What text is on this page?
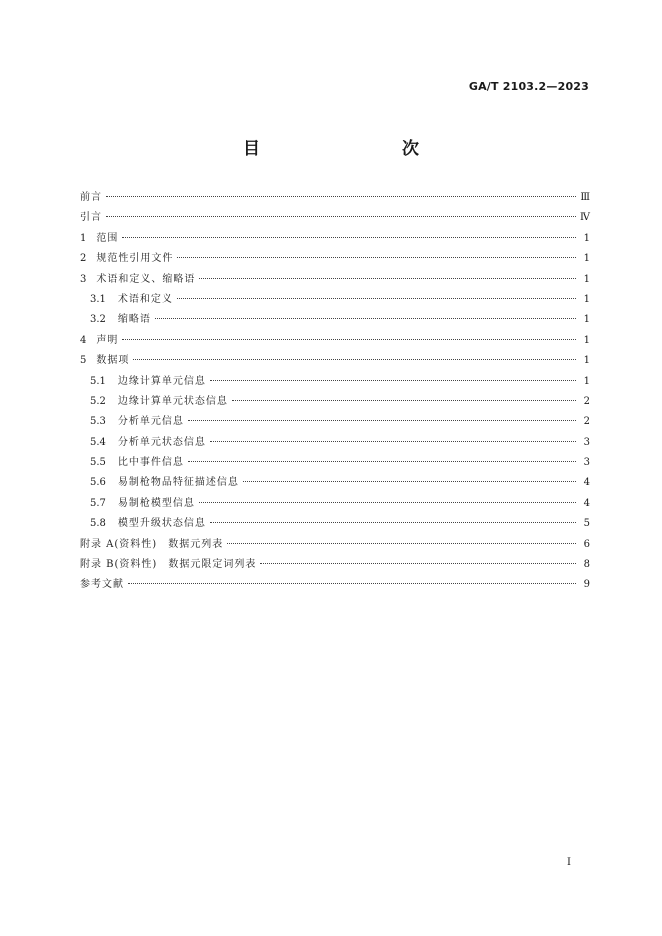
GA/T 2103.2—2023
目　　次
前言	Ⅲ
引言	Ⅳ
1 范围	1
2 规范性引用文件	1
3 术语和定义、缩略语	1
3.1 术语和定义	1
3.2 缩略语	1
4 声明	1
5 数据项	1
5.1 边缘计算单元信息	1
5.2 边缘计算单元状态信息	2
5.3 分析单元信息	2
5.4 分析单元状态信息	3
5.5 比中事件信息	3
5.6 易制枪物品特征描述信息	4
5.7 易制枪模型信息	4
5.8 模型升级状态信息	5
附录 A(资料性)　数据元列表	6
附录 B(资料性)　数据元限定词列表	8
参考文献	9
I
